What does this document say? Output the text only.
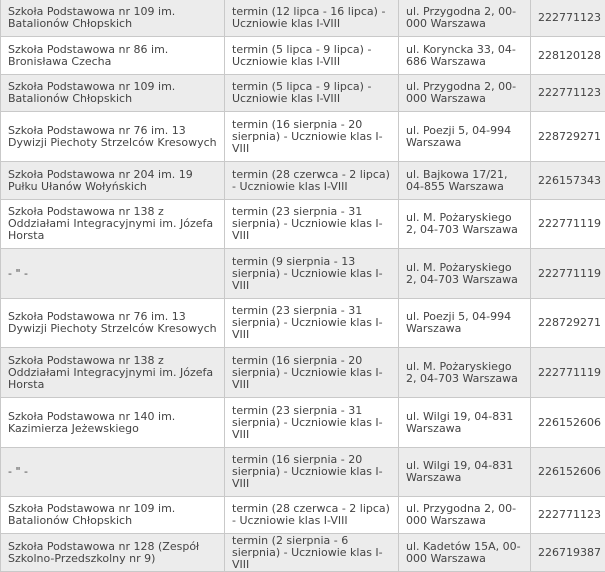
Szkoła Podstawowa nr 109 im. Batalionów Chłopskich	termin (12 lipca - 16 lipca) - Uczniowie klas I-VIII	ul. Przygodna 2, 00-000 Warszawa	222771123
Szkoła Podstawowa nr 86 im. Bronisława Czecha	termin (5 lipca - 9 lipca) - Uczniowie klas I-VIII	ul. Koryncka 33, 04-686 Warszawa	228120128
Szkoła Podstawowa nr 109 im. Batalionów Chłopskich	termin (5 lipca - 9 lipca) - Uczniowie klas I-VIII	ul. Przygodna 2, 00-000 Warszawa	222771123
Szkoła Podstawowa nr 76 im. 13 Dywizji Piechoty Strzelców Kresowych	termin (16 sierpnia - 20 sierpnia) - Uczniowie klas I-VIII	ul. Poezji 5, 04-994 Warszawa	228729271
Szkoła Podstawowa nr 204 im. 19 Pułku Ułanów Wołyńskich	termin (28 czerwca - 2 lipca) - Uczniowie klas I-VIII	ul. Bajkowa 17/21, 04-855 Warszawa	226157343
Szkoła Podstawowa nr 138 z Oddziałami Integracyjnymi im. Józefa Horsta	termin (23 sierpnia - 31 sierpnia) - Uczniowie klas I-VIII	ul. M. Pożaryskiego 2, 04-703 Warszawa	222771119
- " -	termin (9 sierpnia - 13 sierpnia) - Uczniowie klas I-VIII	ul. M. Pożaryskiego 2, 04-703 Warszawa	222771119
Szkoła Podstawowa nr 76 im. 13 Dywizji Piechoty Strzelców Kresowych	termin (23 sierpnia - 31 sierpnia) - Uczniowie klas I-VIII	ul. Poezji 5, 04-994 Warszawa	228729271
Szkoła Podstawowa nr 138 z Oddziałami Integracyjnymi im. Józefa Horsta	termin (16 sierpnia - 20 sierpnia) - Uczniowie klas I-VIII	ul. M. Pożaryskiego 2, 04-703 Warszawa	222771119
Szkoła Podstawowa nr 140 im. Kazimierza Jeżewskiego	termin (23 sierpnia - 31 sierpnia) - Uczniowie klas I-VIII	ul. Wilgi 19, 04-831 Warszawa	226152606
- " -	termin (16 sierpnia - 20 sierpnia) - Uczniowie klas I-VIII	ul. Wilgi 19, 04-831 Warszawa	226152606
Szkoła Podstawowa nr 109 im. Batalionów Chłopskich	termin (28 czerwca - 2 lipca) - Uczniowie klas I-VIII	ul. Przygodna 2, 00-000 Warszawa	222771123
Szkoła Podstawowa nr 128 (Zespół Szkolno-Przedszkolny nr 9)	termin (2 sierpnia - 6 sierpnia) - Uczniowie klas I-VIII	ul. Kadetów 15A, 00-000 Warszawa	226719387
